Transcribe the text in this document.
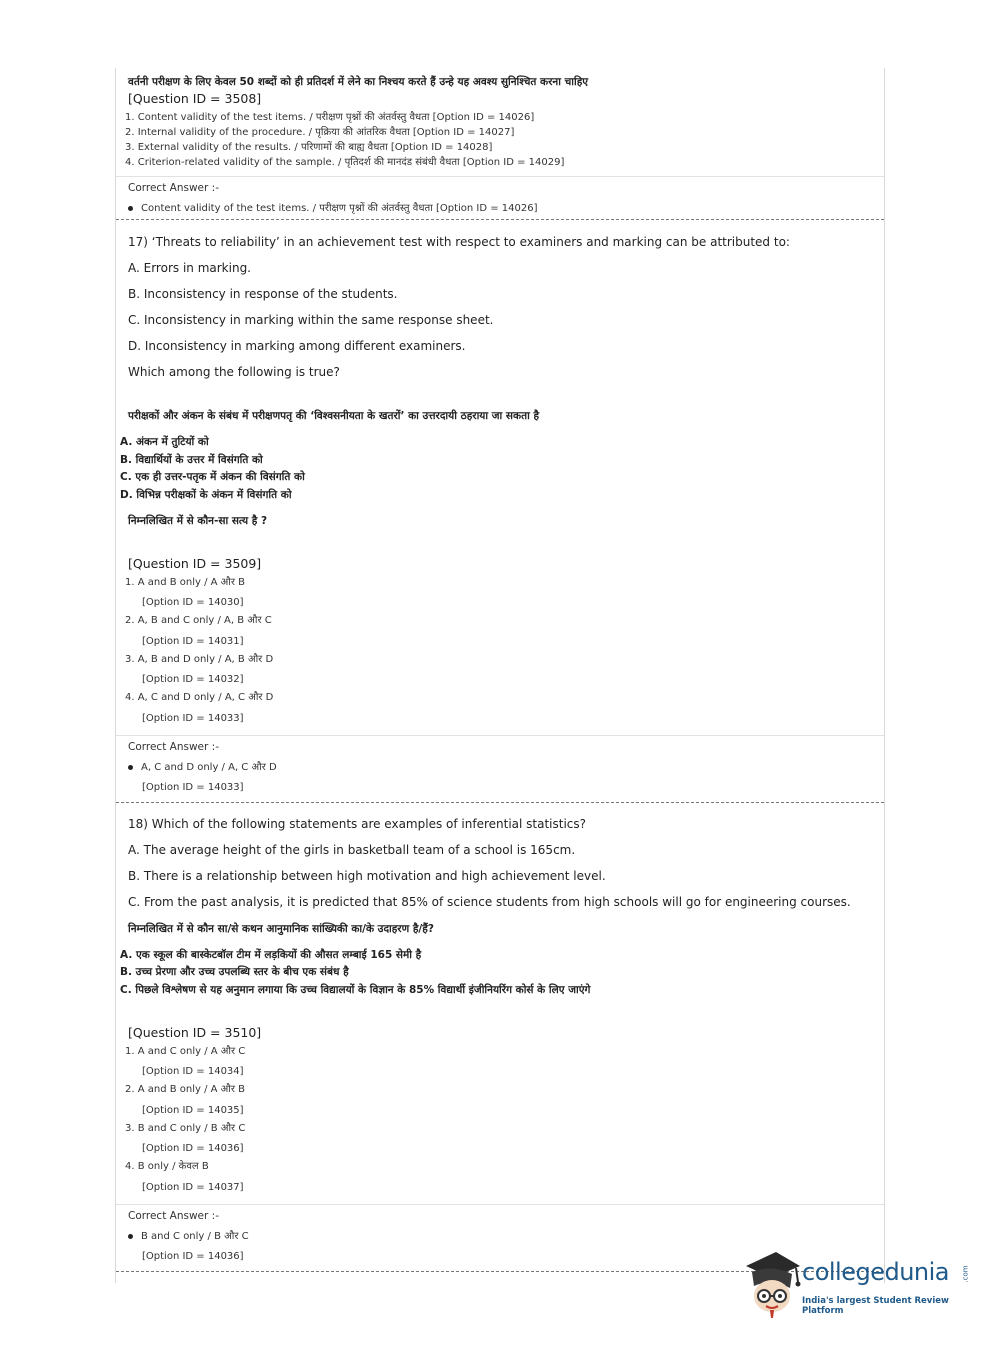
वर्तनी परीक्षण के लिए केवल 50 शब्दों को ही प्रतिदर्श में लेने का निश्चय करते हैं उन्हे यह अवश्य सुनिश्चित करना चाहिए
[Question ID = 3508]
1. Content validity of the test items. / परीक्षण पृश्नों की अंतर्वस्तु वैधता [Option ID = 14026]
2. Internal validity of the procedure. / पृक्रिया की आंतरिक वैधता [Option ID = 14027]
3. External validity of the results. / परिणामों की बाह्य वैधता [Option ID = 14028]
4. Criterion-related validity of the sample. / पृतिदर्श की मानदंड संबंधी वैधता [Option ID = 14029]
Correct Answer :-
Content validity of the test items. / परीक्षण पृश्नों की अंतर्वस्तु वैधता [Option ID = 14026]
17) ‘Threats to reliability’ in an achievement test with respect to examiners and marking can be attributed to:
A. Errors in marking.
B. Inconsistency in response of the students.
C. Inconsistency in marking within the same response sheet.
D. Inconsistency in marking among different examiners.
Which among the following is true?
परीक्षकों और अंकन के संबंध में परीक्षणपतृ की ‘विश्वसनीयता के खतरों’ का उत्तरदायी ठहराया जा सकता है
A. अंकन में तुटियों को
B. विद्यार्थियों के उत्तर में विसंगति को
C. एक ही उत्तर-पतृक में अंकन की विसंगति को
D. विभिन्न परीक्षकों के अंकन में विसंगति को
निम्नलिखित में से कौन-सा सत्य है ?
[Question ID = 3509]
1. A and B only / A और B
[Option ID = 14030]
2. A, B and C only / A, B और C
[Option ID = 14031]
3. A, B and D only / A, B और D
[Option ID = 14032]
4. A, C and D only / A, C और D
[Option ID = 14033]
Correct Answer :-
A, C and D only / A, C और D
[Option ID = 14033]
18) Which of the following statements are examples of inferential statistics?
A. The average height of the girls in basketball team of a school is 165cm.
B. There is a relationship between high motivation and high achievement level.
C. From the past analysis, it is predicted that 85% of science students from high schools will go for engineering courses.
निम्नलिखित में से कौन सा/से कथन आनुमानिक सांख्यिकी का/के उदाहरण है/हैं?
A. एक स्कूल की बास्केटबॉल टीम में लड़कियों की औसत लम्बाई 165 सेमी है
B. उच्च प्रेरणा और उच्च उपलब्धि स्तर के बीच एक संबंध है
C. पिछले विश्लेषण से यह अनुमान लगाया कि उच्च विद्यालयों के विज्ञान के 85% विद्यार्थी इंजीनियरिंग कोर्स के लिए जाएंगे
[Question ID = 3510]
1. A and C only / A और C
[Option ID = 14034]
2. A and B only / A और B
[Option ID = 14035]
3. B and C only / B और C
[Option ID = 14036]
4. B only / केवल B
[Option ID = 14037]
Correct Answer :-
B and C only / B और C
[Option ID = 14036]
collegedunia .com
India's largest Student Review Platform
